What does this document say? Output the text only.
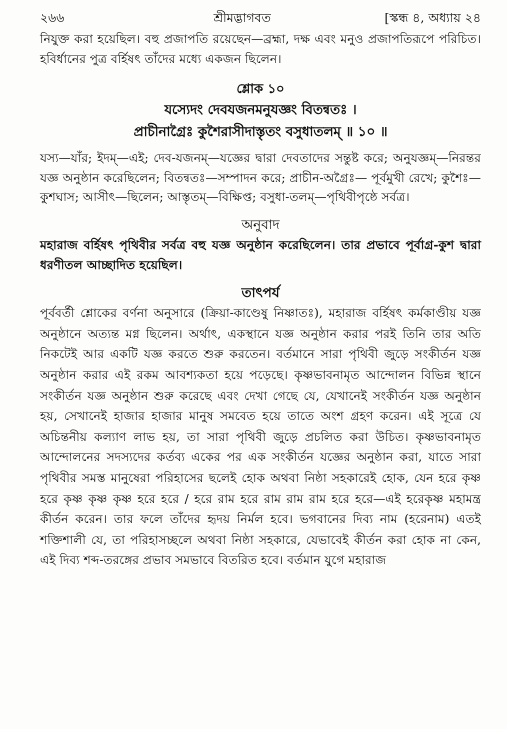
২৬৬	শ্রীমদ্ভাগবত	[স্কন্ধ ৪, অধ্যায় ২৪

নিযুক্ত করা হয়েছিল। বহু প্রজাপতি রয়েছেন—ব্রহ্মা, দক্ষ এবং মনুও প্রজাপতিরূপে পরিচিত। হবির্ধানের পুত্র বর্হিষৎ তাঁদের মধ্যে একজন ছিলেন।

শ্লোক ১০
যস্যেদং দেবযজনমনুযজ্ঞং বিতন্বতঃ ।
প্রাচীনাগ্রৈঃ কুশৈরাসীদাস্তৃতং বসুধাতলম্‌ ॥ ১০ ॥

যস্য—যাঁর; ইদম্—এই; দেব-যজনম্—যজ্ঞের দ্বারা দেবতাদের সন্তুষ্ট করে; অনুযজ্ঞম্—নিরন্তর যজ্ঞ অনুষ্ঠান করেছিলেন; বিতন্বতঃ—সম্পাদন করে; প্রাচীন-অগ্রৈঃ— পূর্বমুখী রেখে; কুশৈঃ—কুশঘাস; আসীৎ—ছিলেন; আস্তৃতম্—বিক্ষিপ্ত; বসুধা-তলম্—পৃথিবীপৃষ্ঠে সর্বত্র।

অনুবাদ

মহারাজ বর্হিষৎ পৃথিবীর সর্বত্র বহু যজ্ঞ অনুষ্ঠান করেছিলেন। তার প্রভাবে পূর্বাগ্র-কুশ দ্বারা ধরণীতল আচ্ছাদিত হয়েছিল।

তাৎপর্য

পূর্ববর্তী শ্লোকের বর্ণনা অনুসারে (ক্রিয়া-কাণ্ডেষু নিষ্ণাতঃ), মহারাজ বর্হিষৎ কর্মকাণ্ডীয় যজ্ঞ অনুষ্ঠানে অত্যন্ত মগ্ন ছিলেন। অর্থাৎ, একস্থানে যজ্ঞ অনুষ্ঠান করার পরই তিনি তার অতি নিকটেই আর একটি যজ্ঞ করতে শুরু করতেন। বর্তমানে সারা পৃথিবী জুড়ে সংকীর্তন যজ্ঞ অনুষ্ঠান করার এই রকম আবশ্যকতা হয়ে পড়েছে। কৃষ্ণভাবনামৃত আন্দোলন বিভিন্ন স্থানে সংকীর্তন যজ্ঞ অনুষ্ঠান শুরু করেছে এবং দেখা গেছে যে, যেখানেই সংকীর্তন যজ্ঞ অনুষ্ঠান হয়, সেখানেই হাজার হাজার মানুষ সমবেত হয়ে তাতে অংশ গ্রহণ করেন। এই সূত্রে যে অচিন্তনীয় কল্যাণ লাভ হয়, তা সারা পৃথিবী জুড়ে প্রচলিত করা উচিত। কৃষ্ণভাবনামৃত আন্দোলনের সদস্যদের কর্তব্য একের পর এক সংকীর্তন যজ্ঞের অনুষ্ঠান করা, যাতে সারা পৃথিবীর সমস্ত মানুষেরা পরিহাসের ছলেই হোক অথবা নিষ্ঠা সহকারেই হোক, যেন হরে কৃষ্ণ হরে কৃষ্ণ কৃষ্ণ কৃষ্ণ হরে হরে / হরে রাম হরে রাম রাম রাম হরে হরে—এই হরেকৃষ্ণ মহামন্ত্র কীর্তন করেন। তার ফলে তাঁদের হৃদয় নির্মল হবে। ভগবানের দিব্য নাম (হরেনাম) এতই শক্তিশালী যে, তা পরিহাসচ্ছলে অথবা নিষ্ঠা সহকারে, যেভাবেই কীর্তন করা হোক না কেন, এই দিব্য শব্দ-তরঙ্গের প্রভাব সমভাবে বিতরিত হবে। বর্তমান যুগে মহারাজ
